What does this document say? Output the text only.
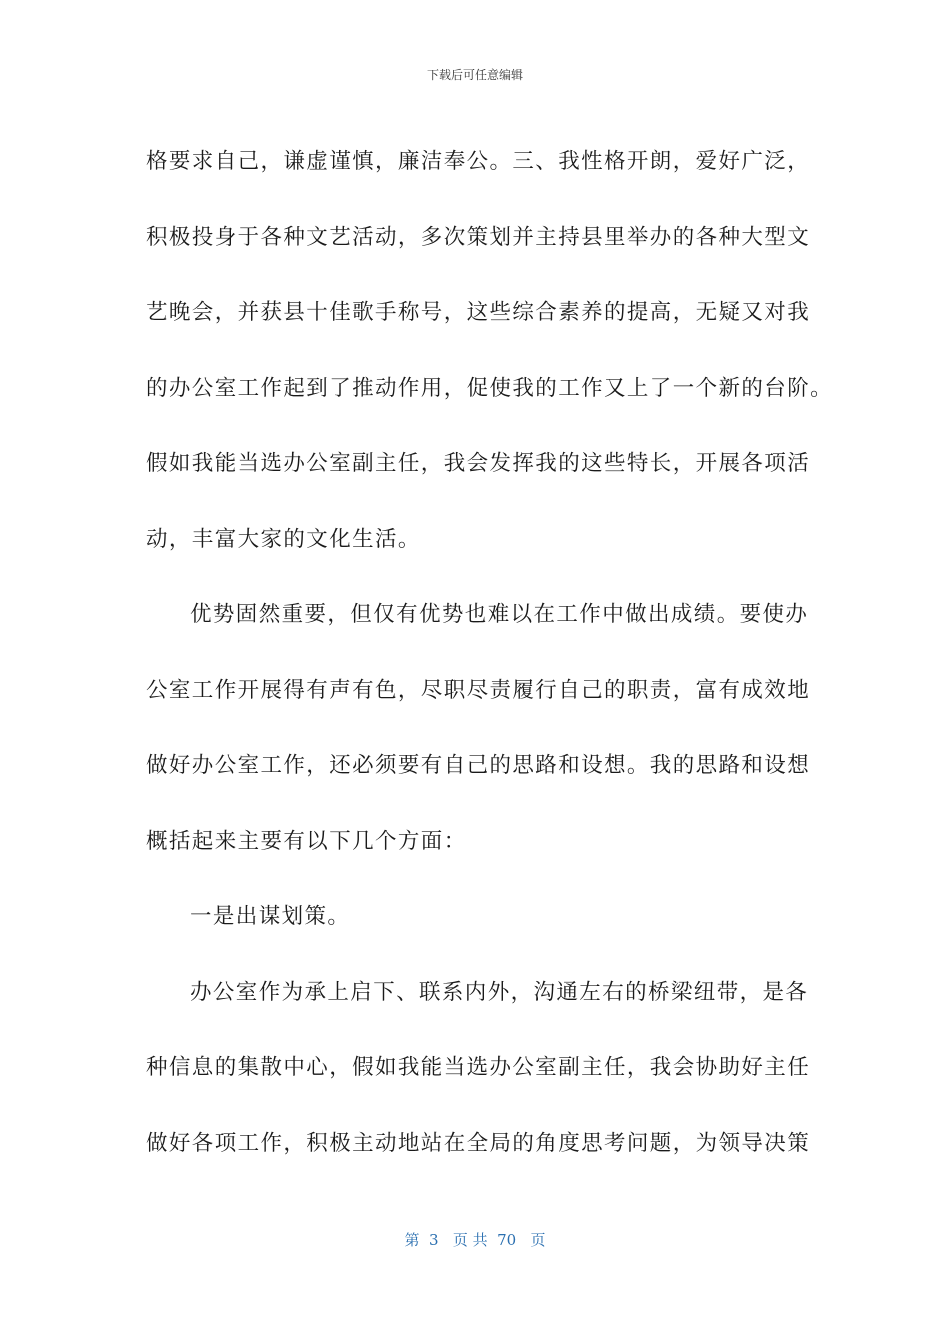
下载后可任意编辑
格要求自己，谦虚谨慎，廉洁奉公。三、我性格开朗，爱好广泛，
积极投身于各种文艺活动，多次策划并主持县里举办的各种大型文
艺晚会，并获县十佳歌手称号，这些综合素养的提高，无疑又对我
的办公室工作起到了推动作用，促使我的工作又上了一个新的台阶。
假如我能当选办公室副主任，我会发挥我的这些特长，开展各项活
动，丰富大家的文化生活。
优势固然重要，但仅有优势也难以在工作中做出成绩。要使办
公室工作开展得有声有色，尽职尽责履行自己的职责，富有成效地
做好办公室工作，还必须要有自己的思路和设想。我的思路和设想
概括起来主要有以下几个方面：
一是出谋划策。
办公室作为承上启下、联系内外，沟通左右的桥梁纽带，是各
种信息的集散中心，假如我能当选办公室副主任，我会协助好主任
做好各项工作，积极主动地站在全局的角度思考问题，为领导决策
第  3   页 共  70   页
